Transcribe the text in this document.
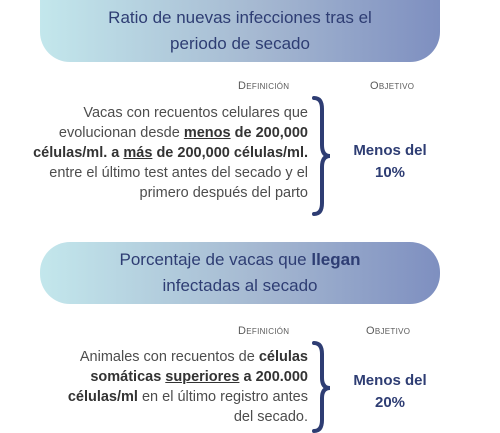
Ratio de nuevas infecciones tras el
periodo de secado
Definición	Objetivo
Vacas con recuentos celulares que
evolucionan desde menos de 200,000
células/ml. a más de 200,000 células/ml.
entre el último test antes del secado y el
primero después del parto
Menos del
10%
Porcentaje de vacas que llegan
infectadas al secado
Definición	Objetivo
Animales con recuentos de células
somáticas superiores a 200.000
células/ml en el último registro antes
del secado.
Menos del
20%
